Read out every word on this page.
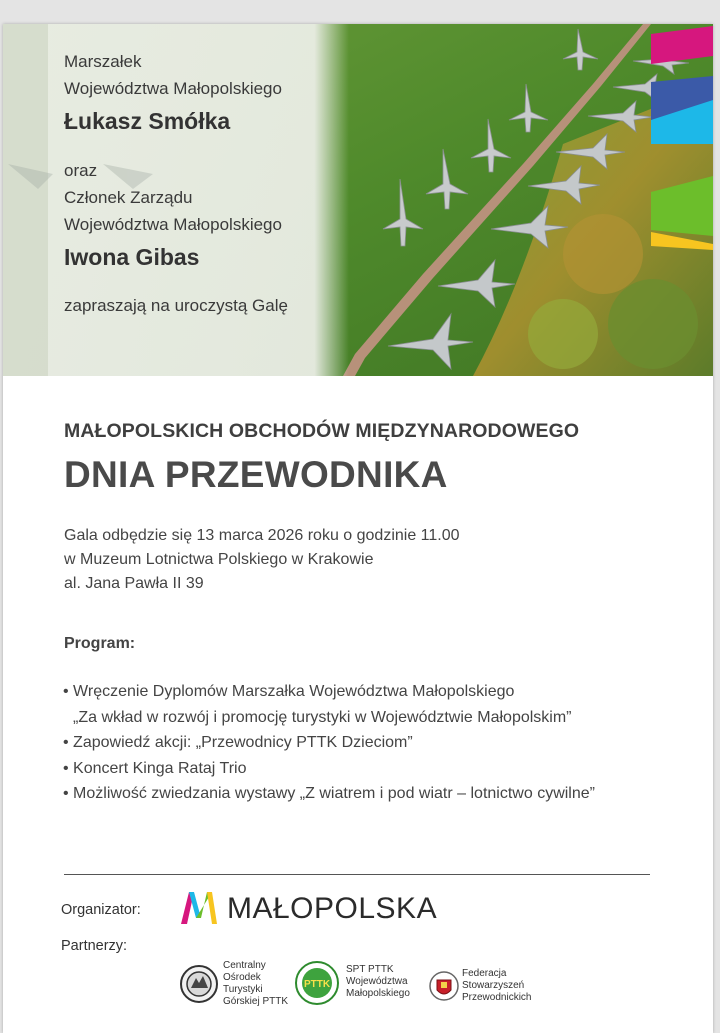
Marszałek

Województwa Małopolskiego

Łukasz Smółka

oraz

Członek Zarządu

Województwa Małopolskiego

Iwona Gibas

zapraszają na uroczystą Galę

MAŁOPOLSKICH OBCHODÓW MIĘDZYNARODOWEGO
DNIA PRZEWODNIKA

Gala odbędzie się 13 marca 2026 roku o godzinie 11.00

w Muzeum Lotnictwa Polskiego w Krakowie

al. Jana Pawła II 39

Program:
• Wręczenie Dyplomów Marszałka Województwa Małopolskiego
„Za wkład w rozwój i promocję turystyki w Województwie Małopolskim”
• Zapowiedź akcji: „Przewodnicy PTTK Dzieciom”
• Koncert Kinga Rataj Trio
• Możliwość zwiedzania wystawy „Z wiatrem i pod wiatr – lotnictwo cywilne”
Organizator:	MAŁOPOLSKA
Partnerzy:

Centralny

Ośrodek

Turystyki

Górskiej PTTK

PTTK

SPT PTTK

Województwa

Małopolskiego

Federacja

Stowarzyszeń

Przewodnickich
